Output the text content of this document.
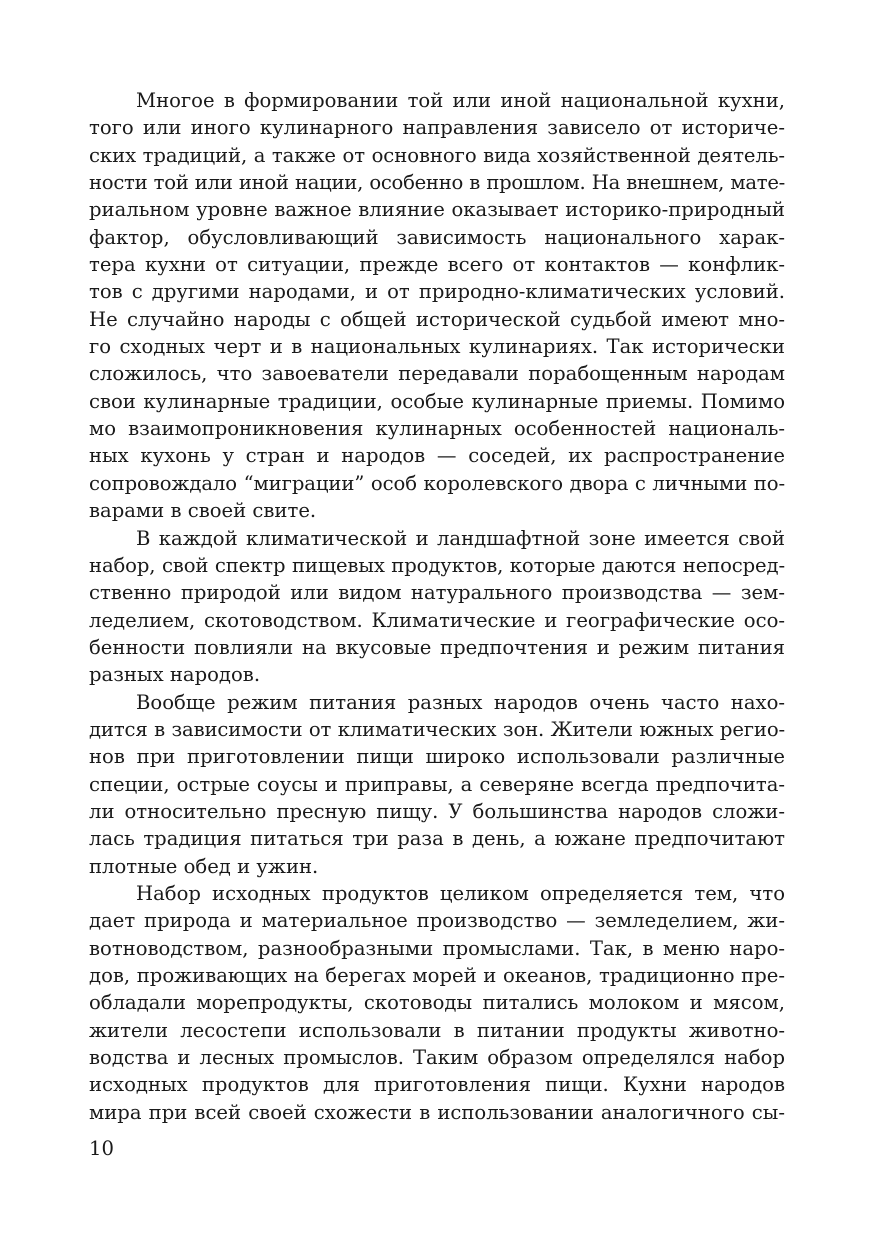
Многое в формировании той или иной национальной кухни,
того или иного кулинарного направления зависело от историче-
ских традиций, а также от основного вида хозяйственной деятель-
ности той или иной нации, особенно в прошлом. На внешнем, мате-
риальном уровне важное влияние оказывает историко-природный
фактор, обусловливающий зависимость национального харак-
тера кухни от ситуации, прежде всего от контактов — конфлик-
тов с другими народами, и от природно-климатических условий.
Не случайно народы с общей исторической судьбой имеют мно-
го сходных черт и в национальных кулинариях. Так исторически
сложилось, что завоеватели передавали порабощенным народам
свои кулинарные традиции, особые кулинарные приемы. Помимо
мо взаимопроникновения кулинарных особенностей националь-
ных кухонь у стран и народов — соседей, их распространение
сопровождало “миграции” особ королевского двора с личными по-
варами в своей свите.
В каждой климатической и ландшафтной зоне имеется свой
набор, свой спектр пищевых продуктов, которые даются непосред-
ственно природой или видом натурального производства — зем-
леделием, скотоводством. Климатические и географические осо-
бенности повлияли на вкусовые предпочтения и режим питания
разных народов.
Вообще режим питания разных народов очень часто нахо-
дится в зависимости от климатических зон. Жители южных регио-
нов при приготовлении пищи широко использовали различные
специи, острые соусы и приправы, а северяне всегда предпочита-
ли относительно пресную пищу. У большинства народов сложи-
лась традиция питаться три раза в день, а южане предпочитают
плотные обед и ужин.
Набор исходных продуктов целиком определяется тем, что
дает природа и материальное производство — земледелием, жи-
вотноводством, разнообразными промыслами. Так, в меню наро-
дов, проживающих на берегах морей и океанов, традиционно пре-
обладали морепродукты, скотоводы питались молоком и мясом,
жители лесостепи использовали в питании продукты животно-
водства и лесных промыслов. Таким образом определялся набор
исходных продуктов для приготовления пищи. Кухни народов
мира при всей своей схожести в использовании аналогичного сы-
10
